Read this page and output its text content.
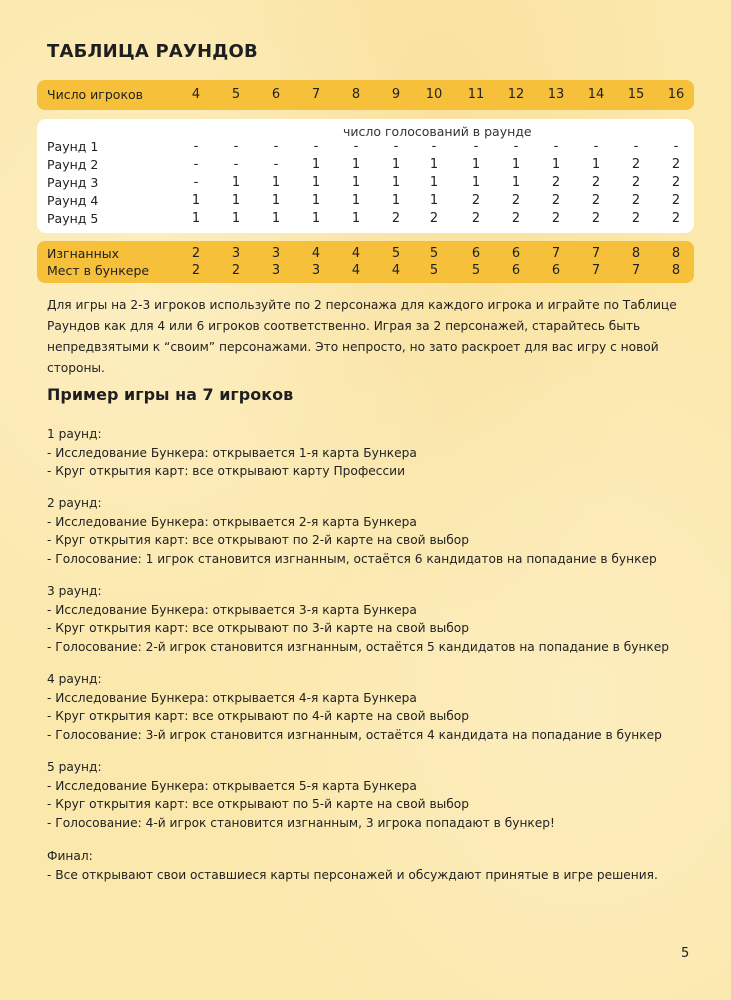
ТАБЛИЦА РАУНДОВ
число голосований в раунде
Число игроков	4	5	6	7	8	9	10	11	12	13	14	15	16
Раунд 1	-	-	-	-	-	-	-	-	-	-	-	-	-
Раунд 2	-	-	-	1	1	1	1	1	1	1	1	2	2
Раунд 3	-	1	1	1	1	1	1	1	1	2	2	2	2
Раунд 4	1	1	1	1	1	1	1	2	2	2	2	2	2
Раунд 5	1	1	1	1	1	2	2	2	2	2	2	2	2
Изгнанных	2	3	3	4	4	5	5	6	6	7	7	8	8
Мест в бункере	2	2	3	3	4	4	5	5	6	6	7	7	8
Для игры на 2-3 игроков используйте по 2 персонажа для каждого игрока и играйте по Таблице Раундов как для 4 или 6 игроков соответственно. Играя за 2 персонажей, старайтесь быть непредвзятыми к “своим” персонажами. Это непросто, но зато раскроет для вас игру с новой стороны.
Пример игры на 7 игроков
1 раунд:
- Исследование Бункера: открывается 1-я карта Бункера
- Круг открытия карт: все открывают карту Профессии
2 раунд:
- Исследование Бункера: открывается 2-я карта Бункера
- Круг открытия карт: все открывают по 2-й карте на свой выбор
- Голосование: 1 игрок становится изгнанным, остаётся 6 кандидатов на попадание в бункер
3 раунд:
- Исследование Бункера: открывается 3-я карта Бункера
- Круг открытия карт: все открывают по 3-й карте на свой выбор
- Голосование: 2-й игрок становится изгнанным, остаётся 5 кандидатов на попадание в бункер
4 раунд:
- Исследование Бункера: открывается 4-я карта Бункера
- Круг открытия карт: все открывают по 4-й карте на свой выбор
- Голосование: 3-й игрок становится изгнанным, остаётся 4 кандидата на попадание в бункер
5 раунд:
- Исследование Бункера: открывается 5-я карта Бункера
- Круг открытия карт: все открывают по 5-й карте на свой выбор
- Голосование: 4-й игрок становится изгнанным, 3 игрока попадают в бункер!
Финал:
- Все открывают свои оставшиеся карты персонажей и обсуждают принятые в игре решения.
5
